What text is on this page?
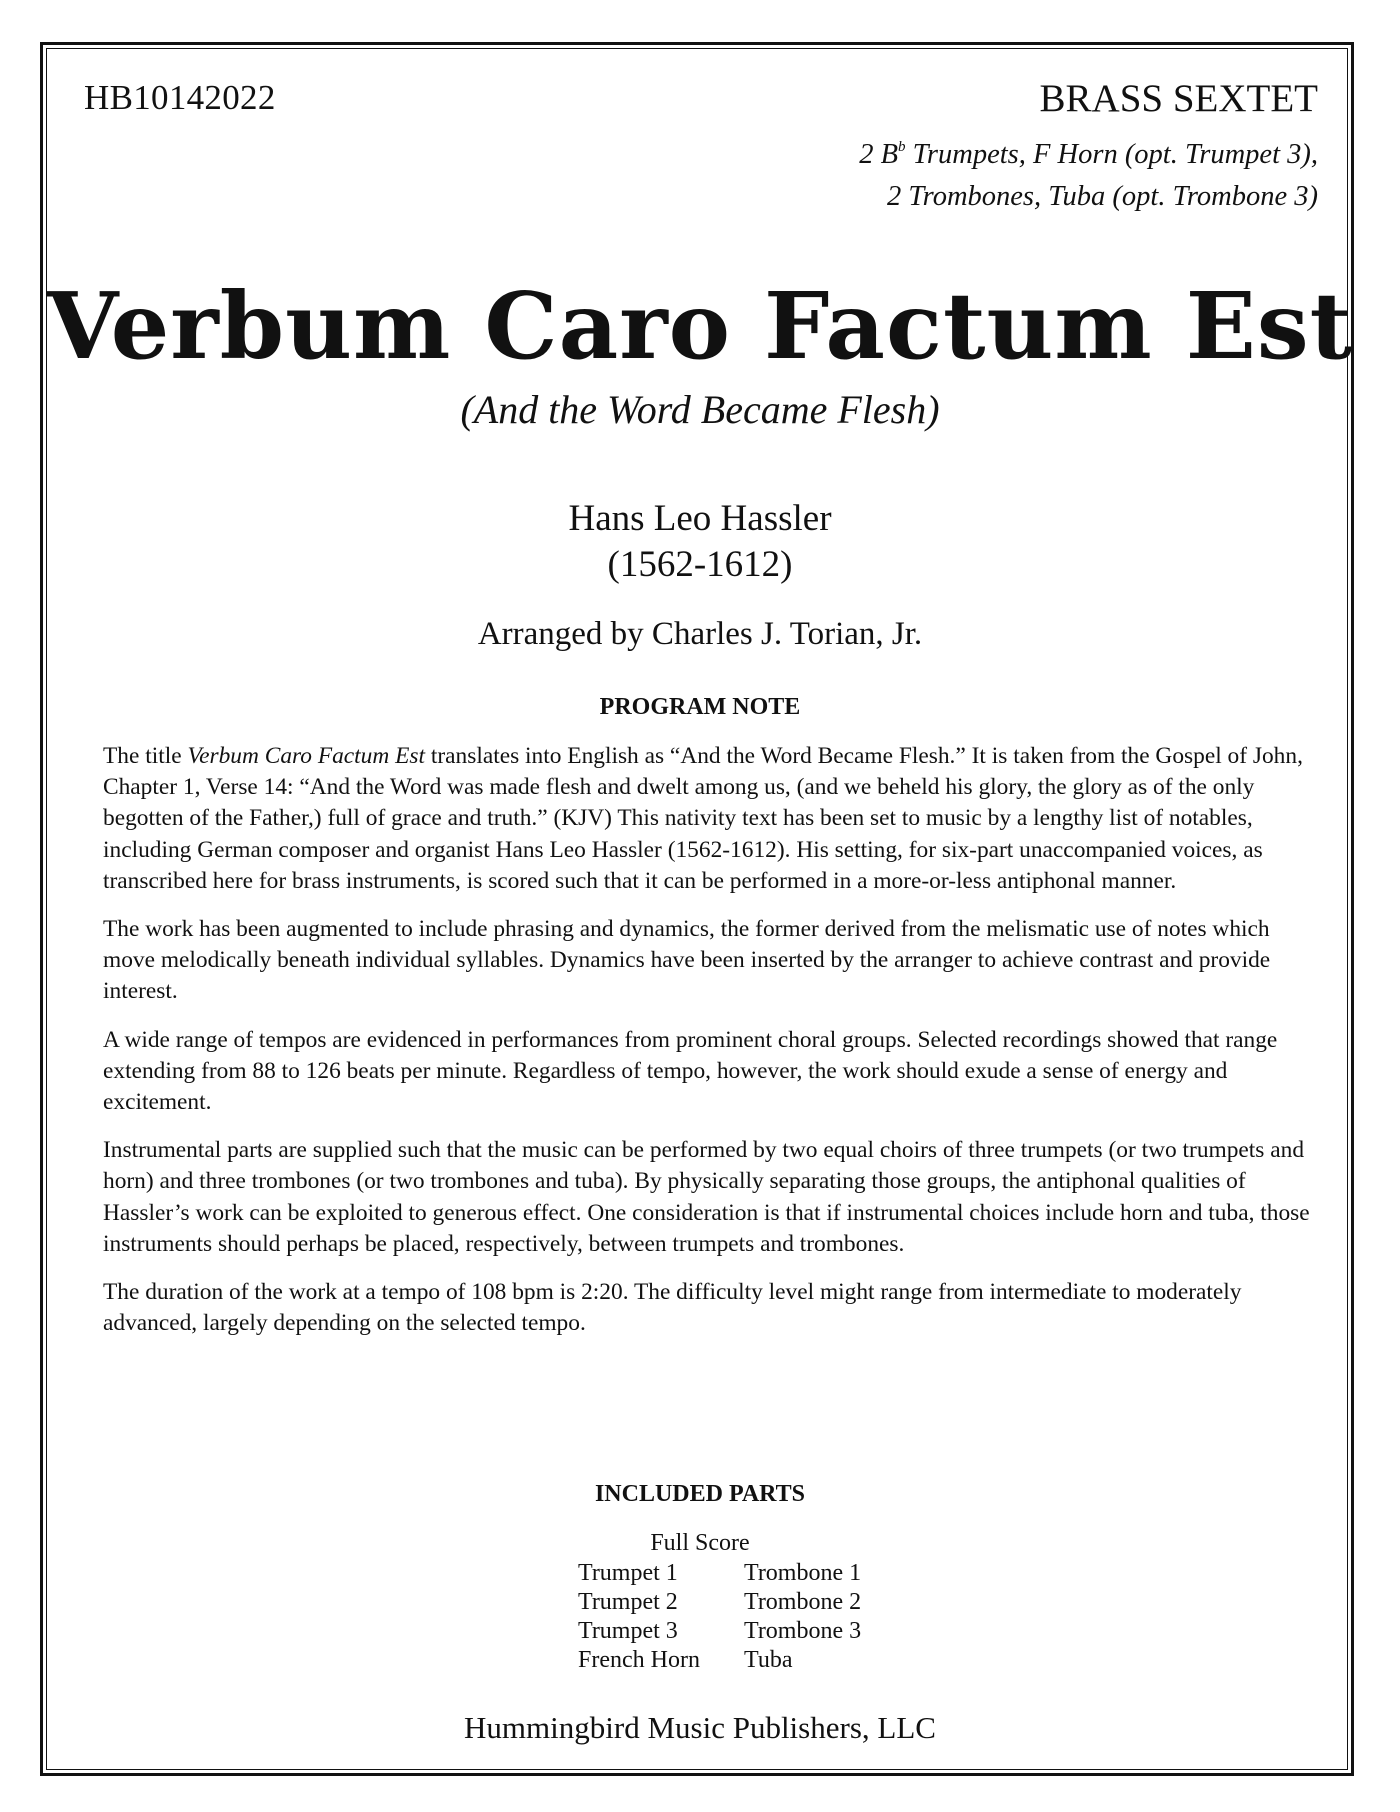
HB10142022	BRASS SEXTET
2 $B^b$ Trumpets, F Horn (opt. Trumpet 3),
2 Trombones, Tuba (opt. Trombone 3)
Verbum Caro Factum Est
(And the Word Became Flesh)
Hans Leo Hassler
(1562-1612)
Arranged by Charles J. Torian, Jr.
PROGRAM NOTE

The title Verbum Caro Factum Est translates into English as “And the Word Became Flesh.” It is taken from the Gospel of John, Chapter 1, Verse 14: “And the Word was made flesh and dwelt among us, (and we beheld his glory, the glory as of the only begotten of the Father,) full of grace and truth.” (KJV) This nativity text has been set to music by a lengthy list of notables, including German composer and organist Hans Leo Hassler (1562-1612). His setting, for six-part unaccompanied voices, as transcribed here for brass instruments, is scored such that it can be performed in a more-or-less antiphonal manner.

The work has been augmented to include phrasing and dynamics, the former derived from the melismatic use of notes which move melodically beneath individual syllables. Dynamics have been inserted by the arranger to achieve contrast and provide interest.

A wide range of tempos are evidenced in performances from prominent choral groups. Selected recordings showed that range extending from 88 to 126 beats per minute. Regardless of tempo, however, the work should exude a sense of energy and excitement.

Instrumental parts are supplied such that the music can be performed by two equal choirs of three trumpets (or two trumpets and horn) and three trombones (or two trombones and tuba). By physically separating those groups, the antiphonal qualities of Hassler’s work can be exploited to generous effect. One consideration is that if instrumental choices include horn and tuba, those instruments should perhaps be placed, respectively, between trumpets and trombones.

The duration of the work at a tempo of 108 bpm is 2:20. The difficulty level might range from intermediate to moderately advanced, largely depending on the selected tempo.

INCLUDED PARTS
Full Score
Trumpet 1	Trombone 1
Trumpet 2	Trombone 2
Trumpet 3	Trombone 3
French Horn	Tuba
Hummingbird Music Publishers, LLC
